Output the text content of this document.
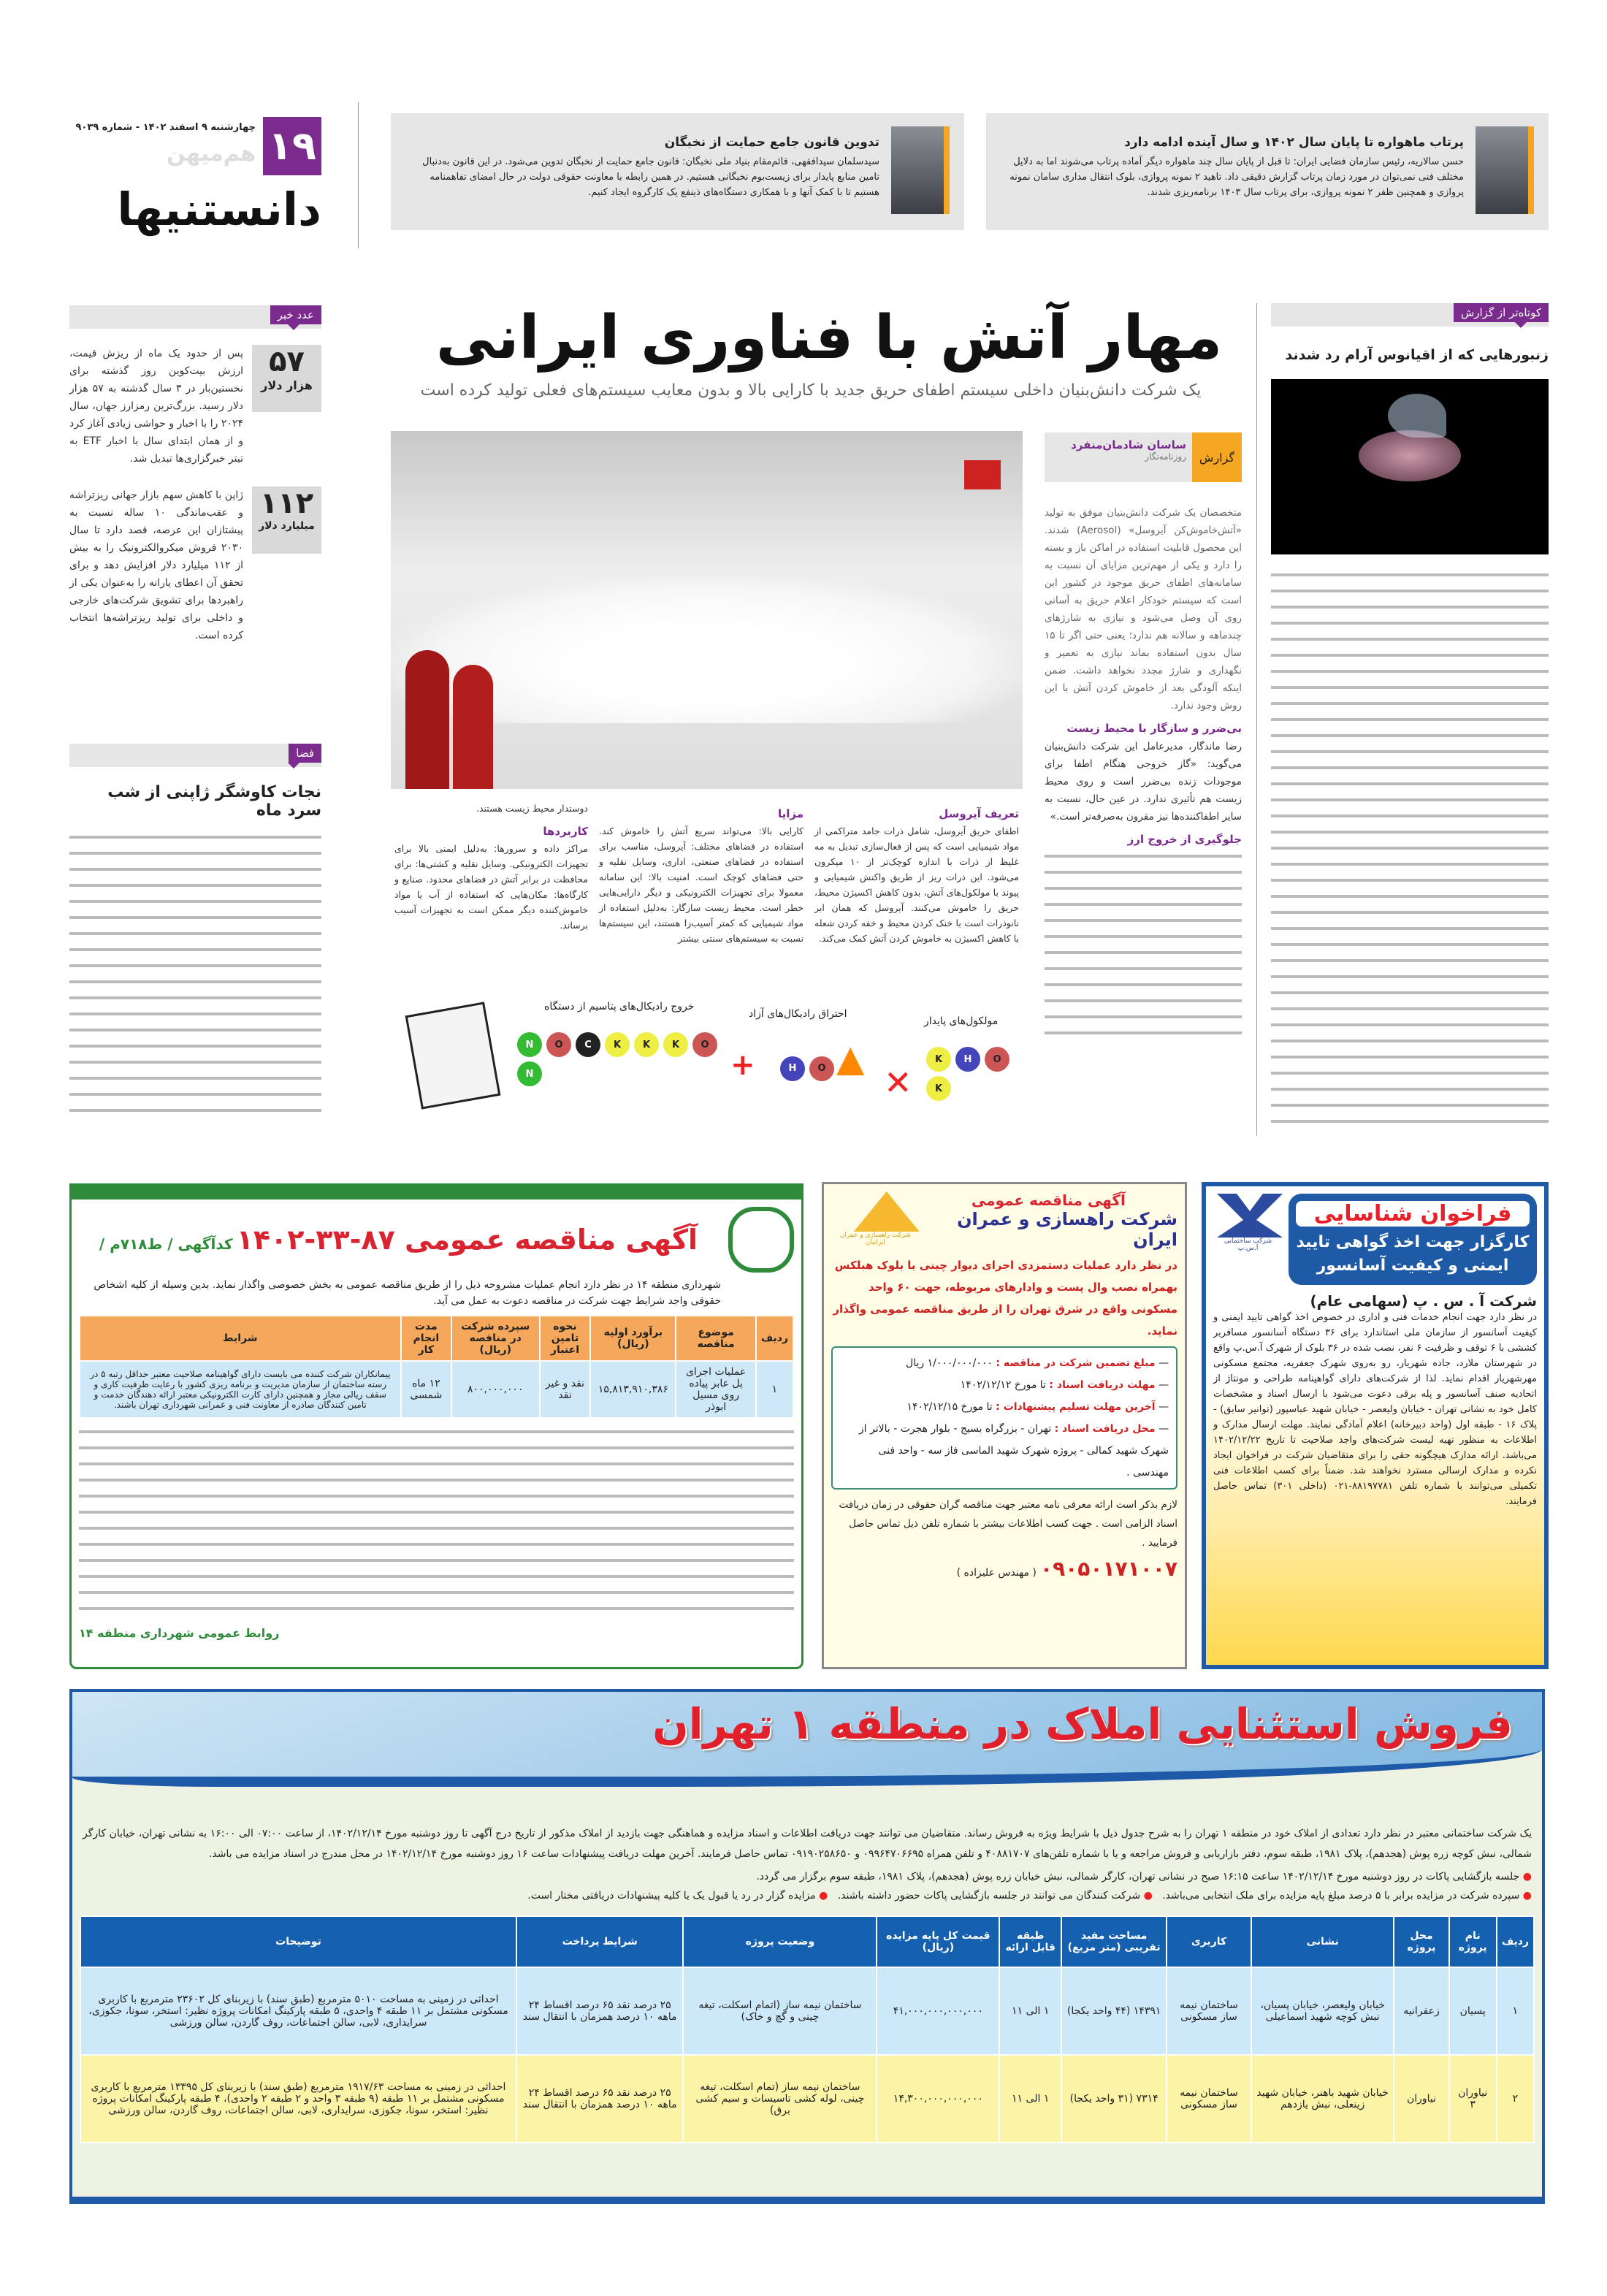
۱۹
چهارشنبه ۹ اسفند ۱۴۰۲ - شماره ۹۰۳۹
هم‌میهن
دانستنیها
پرتاب ماهواره تا پایان سال ۱۴۰۲ و سال آینده ادامه دارد

حسن سالاریه، رئیس سازمان فضایی ایران: تا قبل از پایان سال چند ماهواره دیگر آماده پرتاب می‌شوند اما به دلایل مختلف فنی نمی‌توان در مورد زمان پرتاب گزارش دقیقی داد. تاهید ۲ نمونه پروازی، بلوک انتقال مداری سامان نمونه پروازی و همچنین ظفر ۲ نمونه پروازی، برای پرتاب سال ۱۴۰۳ برنامه‌ریزی شدند.

تدوین قانون جامع حمایت از نخبگان

سیدسلمان سیدافقهی، قائم‌مقام بنیاد ملی نخبگان: قانون جامع حمایت از نخبگان تدوین می‌شود. در این قانون به‌دنبال تامین منابع پایدار برای زیست‌بوم نخبگانی هستیم. در همین رابطه با معاونت حقوقی دولت در حال امضای تفاهمنامه هستیم تا با کمک آنها و با همکاری دستگاه‌های ذینفع یک کارگروه ایجاد کنیم.

عدد خبر
۵۷
هزار دلار

پس از حدود یک ماه از ریزش قیمت، ارزش بیت‌کوین روز گذشته برای نخستین‌بار در ۳ سال گذشته به ۵۷ هزار دلار رسید. بزرگ‌ترین رمزارز جهان، سال ۲۰۲۴ را با اخبار و حواشی زیادی آغاز کرد و از همان ابتدای سال با اخبار ETF به تیتر خبرگزاری‌ها تبدیل شد.

۱۱۲
میلیارد دلار

ژاپن با کاهش سهم بازار جهانی ریزتراشه و عقب‌ماندگی ۱۰ ساله نسبت به پیشتازان این عرصه، قصد دارد تا سال ۲۰۳۰ فروش میکروالکترونیک را به بیش از ۱۱۲ میلیارد دلار افزایش دهد و برای تحقق آن اعطای یارانه را به‌عنوان یکی از راهبردها برای تشویق شرکت‌های خارجی و داخلی برای تولید ریزتراشه‌ها انتخاب کرده است.

فضا
نجات کاوشگر ژاپنی از شب سرد ماه
کوتاه‌تر از گزارش
زنبورهایی که از اقیانوس آرام رد شدند
مهار آتش با فناوری ایرانی
یک شرکت دانش‌بنیان داخلی سیستم اطفای حریق جدید با کارایی بالا و بدون معایب سیستم‌های فعلی تولید کرده است
گزارش
ساسان شادمان‌منفرد
روزنامه‌نگار

متخصصان یک شرکت دانش‌بنیان موفق به تولید «آتش‌خاموش‌کن آیروسل» (Aerosol) شدند. این محصول قابلیت استفاده در اماکن باز و بسته را دارد و یکی از مهم‌ترین مزایای آن نسبت به سامانه‌های اطفای حریق موجود در کشور این است که سیستم خودکار اعلام حریق به آسانی روی آن وصل می‌شود و نیازی به شارژهای چندماهه و سالانه هم ندارد؛ یعنی حتی اگر تا ۱۵ سال بدون استفاده بماند نیازی به تعمیر و نگهداری و شارژ مجدد نخواهد داشت. ضمن اینکه آلودگی بعد از خاموش کردن آتش با این روش وجود ندارد.

بی‌ضرر و سازگار با محیط زیست

رضا ماندگار، مدیرعامل این شرکت دانش‌بنیان می‌گوید: «گاز خروجی هنگام اطفا برای موجودات زنده بی‌ضرر است و روی محیط زیست هم تأثیری ندارد. در عین حال، نسبت به سایر اطفاکننده‌ها نیز مقرون به‌صرفه‌تر است.»

جلوگیری از خروج ارز
تعریف آیروسل

اطفای حریق آیروسل، شامل ذرات جامد متراکمی از مواد شیمیایی است که پس از فعال‌سازی تبدیل به مه غلیظ از ذرات با اندازه کوچک‌تر از ۱۰ میکرون می‌شود. این ذرات ریز از طریق واکنش شیمیایی و پیوند با مولکول‌های آتش، بدون کاهش اکسیژن محیط، حریق را خاموش می‌کنند. آیروسل که همان ابر نانوذرات است با خنک کردن محیط و خفه کردن شعله با کاهش اکسیژن به خاموش کردن آتش کمک می‌کند.

مزایا

کارایی بالا: می‌تواند سریع آتش را خاموش کند. استفاده در فضاهای مختلف: آیروسل، مناسب برای استفاده در فضاهای صنعتی، اداری، وسایل نقلیه و حتی فضاهای کوچک است. امنیت بالا: این سامانه معمولا برای تجهیزات الکترونیکی و دیگر دارایی‌هایی خطر است. محیط زیست سازگار: به‌دلیل استفاده از مواد شیمیایی که کمتر آسیب‌زا هستند، این سیستم‌ها نسبت به سیستم‌های سنتی بیشتر

دوستدار محیط زیست هستند.

کاربردها

مراکز داده و سرورها: به‌دلیل ایمنی بالا برای تجهیزات الکترونیکی. وسایل نقلیه و کشتی‌ها: برای محافظت در برابر آتش در فضاهای محدود. صنایع و کارگاه‌ها: مکان‌هایی که استفاده از آب یا مواد خاموش‌کننده دیگر ممکن است به تجهیزات آسیب برساند.

خروج رادیکال‌های پتاسیم از دستگاه
احتراق رادیکال‌های آزاد
مولکول‌های پایدار
N O C K K K ON	+	H O ▲
✕
K H OK
آگهی مناقصه عمومی ۸۷-۳۳-۱۴۰۲ کدآگهی / ط۷۱۸م /

شهرداری منطقه ۱۴ در نظر دارد انجام عملیات مشروحه ذیل را از طریق مناقصه عمومی به بخش خصوصی واگذار نماید. بدین وسیله از کلیه اشخاص حقوقی واجد شرایط جهت شرکت در مناقصه دعوت به عمل می آید.

ردیف	موضوع مناقصه	برآورد اولیه (ریال)	نحوه تامین اعتبار	سپرده شرکت در مناقصه (ریال)	مدت انجام کار	شرایط
۱	عملیات اجرای پل عابر پیاده روی مسیل ابوذر	۱۵,۸۱۳,۹۱۰,۳۸۶	نقد و غیر نقد	۸۰۰,۰۰۰,۰۰۰	۱۲ ماه شمسی	پیمانکاران شرکت کننده می بایست دارای گواهینامه صلاحیت معتبر حداقل رتبه ۵ در رسته ساختمان از سازمان مدیریت و برنامه ریزی کشور با رعایت ظرفیت کاری و سقف ریالی مجاز و همچنین دارای کارت الکترونیکی معتبر ارائه دهندگان خدمت و تامین کنندگان صادره از معاونت فنی و عمرانی شهرداری تهران باشند.
روابط عمومی شهرداری منطقه ۱۴
آگهی مناقصه عمومی
شرکت راهسازی و عمران ایران
شرکت راهسازی و عمران ایرانیان

در نظر دارد عملیات دستمزدی اجرای دیوار چینی با بلوک هبلکس بهمراه نصب وال پست و وادارهای مربوطه، جهت ۶۰ واحد مسکونی واقع در شرق تهران را از طریق مناقصه عمومی واگذار نماید.

— مبلغ تضمین شرکت در مناقصه : ۱/۰۰۰/۰۰۰/۰۰۰ ریال
— مهلت دریافت اسناد : تا مورخ ۱۴۰۲/۱۲/۱۲
— آخرین مهلت تسلیم پیشنهادات : تا مورخ ۱۴۰۲/۱۲/۱۵
— محل دریافت اسناد : تهران - بزرگراه بسیج - بلوار هجرت - بالاتر از شهرک شهید کمالی - پروژه شهرک شهید الماسی فاز سه - واحد فنی مهندسی .

لازم بذکر است ارائه معرفی نامه معتبر جهت مناقصه گران حقوقی در زمان دریافت اسناد الزامی است . جهت کسب اطلاعات بیشتر با شماره تلفن ذیل تماس حاصل فرمایید .

۰۹۰۵۰۱۷۱۰۰۷ ( مهندس علیزاده )
فراخوان شناسایی
کارگزار جهت اخذ گواهی تایید ایمنی و کیفیت آسانسور
شرکت ساختمانی آ.س.پ
شرکت آ . س . پ (سهامی عام)

در نظر دارد جهت انجام خدمات فنی و اداری در خصوص اخذ گواهی تایید ایمنی و کیفیت آسانسور از سازمان ملی استاندارد برای ۳۶ دستگاه آسانسور مسافربر کششی با ۶ توقف و ظرفیت ۶ نفر، نصب شده در ۳۶ بلوک از شهرک آ.س.پ واقع در شهرستان ملارد، جاده شهریار، رو به‌روی شهرک جعفریه، مجتمع مسکونی مهرشهریار اقدام نماید. لذا از شرکت‌های دارای گواهینامه طراحی و مونتاژ از اتحادیه صنف آسانسور و پله برقی دعوت می‌شود با ارسال اسناد و مشخصات کامل خود به نشانی تهران - خیابان ولیعصر - خیابان شهید عباسپور (توانیر سابق) - پلاک ۱۶ - طبقه اول (واحد دبیرخانه) اعلام آمادگی نمایند. مهلت ارسال مدارک و اطلاعات به منظور تهیه لیست شرکت‌های واجد صلاحیت تا تاریخ ۱۴۰۲/۱۲/۲۲ می‌باشد. ارائه مدارک هیچگونه حقی را برای متقاضیان شرکت در فراخوان ایجاد نکرده و مدارک ارسالی مسترد نخواهند شد. ضمناً برای کسب اطلاعات فنی تکمیلی می‌توانند با شماره تلفن ۸۸۱۹۷۷۸۱-۰۲۱ (داخلی ۳۰۱) تماس حاصل فرمایند.

فروش استثنایی املاک در منطقه ۱ تهران

یک شرکت ساختمانی معتبر در نظر دارد تعدادی از املاک خود در منطقه ۱ تهران را به شرح جدول ذیل با شرایط ویژه به فروش رساند. متقاضیان می توانند جهت دریافت اطلاعات و اسناد مزایده و هماهنگی جهت بازدید از املاک مذکور از تاریخ درج آگهی تا روز دوشنبه مورخ ۱۴۰۲/۱۲/۱۴، از ساعت ۰۷:۰۰ الی ۱۶:۰۰ به نشانی تهران، خیابان کارگر شمالی، نبش کوچه زره پوش (هجدهم)، پلاک ۱۹۸۱، طبقه سوم، دفتر بازاریابی و فروش مراجعه و یا با شماره تلفن‌های ۴۰۸۸۱۷۰۷ و تلفن همراه ۰۹۹۶۴۷۰۶۶۹۵ و ۰۹۱۹۰۲۵۸۶۵۰ تماس حاصل فرمایند. آخرین مهلت دریافت پیشنهادات ساعت ۱۶ روز دوشنبه مورخ ۱۴۰۲/۱۲/۱۴ در محل مندرج در اسناد مزایده می باشد.

● جلسه بازگشایی پاکات در روز دوشنبه مورخ ۱۴۰۲/۱۲/۱۴ ساعت ۱۶:۱۵ صبح در نشانی تهران، کارگر شمالی، نبش خیابان زره پوش (هجدهم)، پلاک ۱۹۸۱، طبقه سوم برگزار می گردد.
● سپرده شرکت در مزایده برابر با ۵ درصد مبلغ پایه مزایده برای ملک انتخابی می‌باشد.   ● شرکت کنندگان می توانند در جلسه بازگشایی پاکات حضور داشته باشند.   ● مزایده گزار در رد یا قبول یک یا کلیه پیشنهادات دریافتی مختار است.
ردیف	نام پروژه	محل پروژه	نشانی	کاربری	مساحت مفید تقریبی (متر مربع)	طبقه قابل ارائه	قیمت کل پایه مزایده (ریال)	وضعیت پروژه	شرایط پرداخت	توضیحات
۱	پسیان	زعفرانیه	خیابان ولیعصر، خیابان پسیان، نبش کوچه شهید اسماعیلی	ساختمان نیمه ساز مسکونی	۱۴۳۹۱ (۴۴ واحد یکجا)	۱ الی ۱۱	۴۱,۰۰۰,۰۰۰,۰۰۰,۰۰۰	ساختمان نیمه ساز (اتمام اسکلت، تیغه چینی و گچ و خاک)	۲۵ درصد نقد ۶۵ درصد اقساط ۲۴ ماهه ۱۰ درصد همزمان با انتقال سند	احداثی در زمینی به مساحت ۵۰۱۰ مترمربع (طبق سند) با زیربنای کل ۲۳۶۰۲ مترمربع با کاربری مسکونی مشتمل بر ۱۱ طبقه ۴ واحدی، ۵ طبقه پارکینگ امکانات پروژه نظیر: استخر، سونا، جکوزی، سرایداری، لابی، سالن اجتماعات، روف گاردن، سالن ورزشی
۲	نیاوران ۳	نیاوران	خیابان شهید باهنر، خیابان شهید زینعلی، نبش یازدهم	ساختمان نیمه ساز مسکونی	۷۳۱۴ (۳۱ واحد یکجا)	۱ الی ۱۱	۱۴,۳۰۰,۰۰۰,۰۰۰,۰۰۰	ساختمان نیمه ساز (تمام اسکلت، تیغه چینی، لوله کشی تاسیسات و سیم کشی برق)	۲۵ درصد نقد ۶۵ درصد اقساط ۲۴ ماهه ۱۰ درصد همزمان با انتقال سند	احداثی در زمینی به مساحت ۱۹۱۷/۶۳ مترمربع (طبق سند) با زیربنای کل ۱۳۳۹۵ مترمربع با کاربری مسکونی مشتمل بر ۱۱ طبقه (۹ طبقه ۳ واحد و ۲ طبقه ۲ واحدی)، ۴ طبقه پارکینگ امکانات پروژه نظیر: استخر، سونا، جکوزی، سرایداری، لابی، سالن اجتماعات، روف گاردن، سالن ورزشی
